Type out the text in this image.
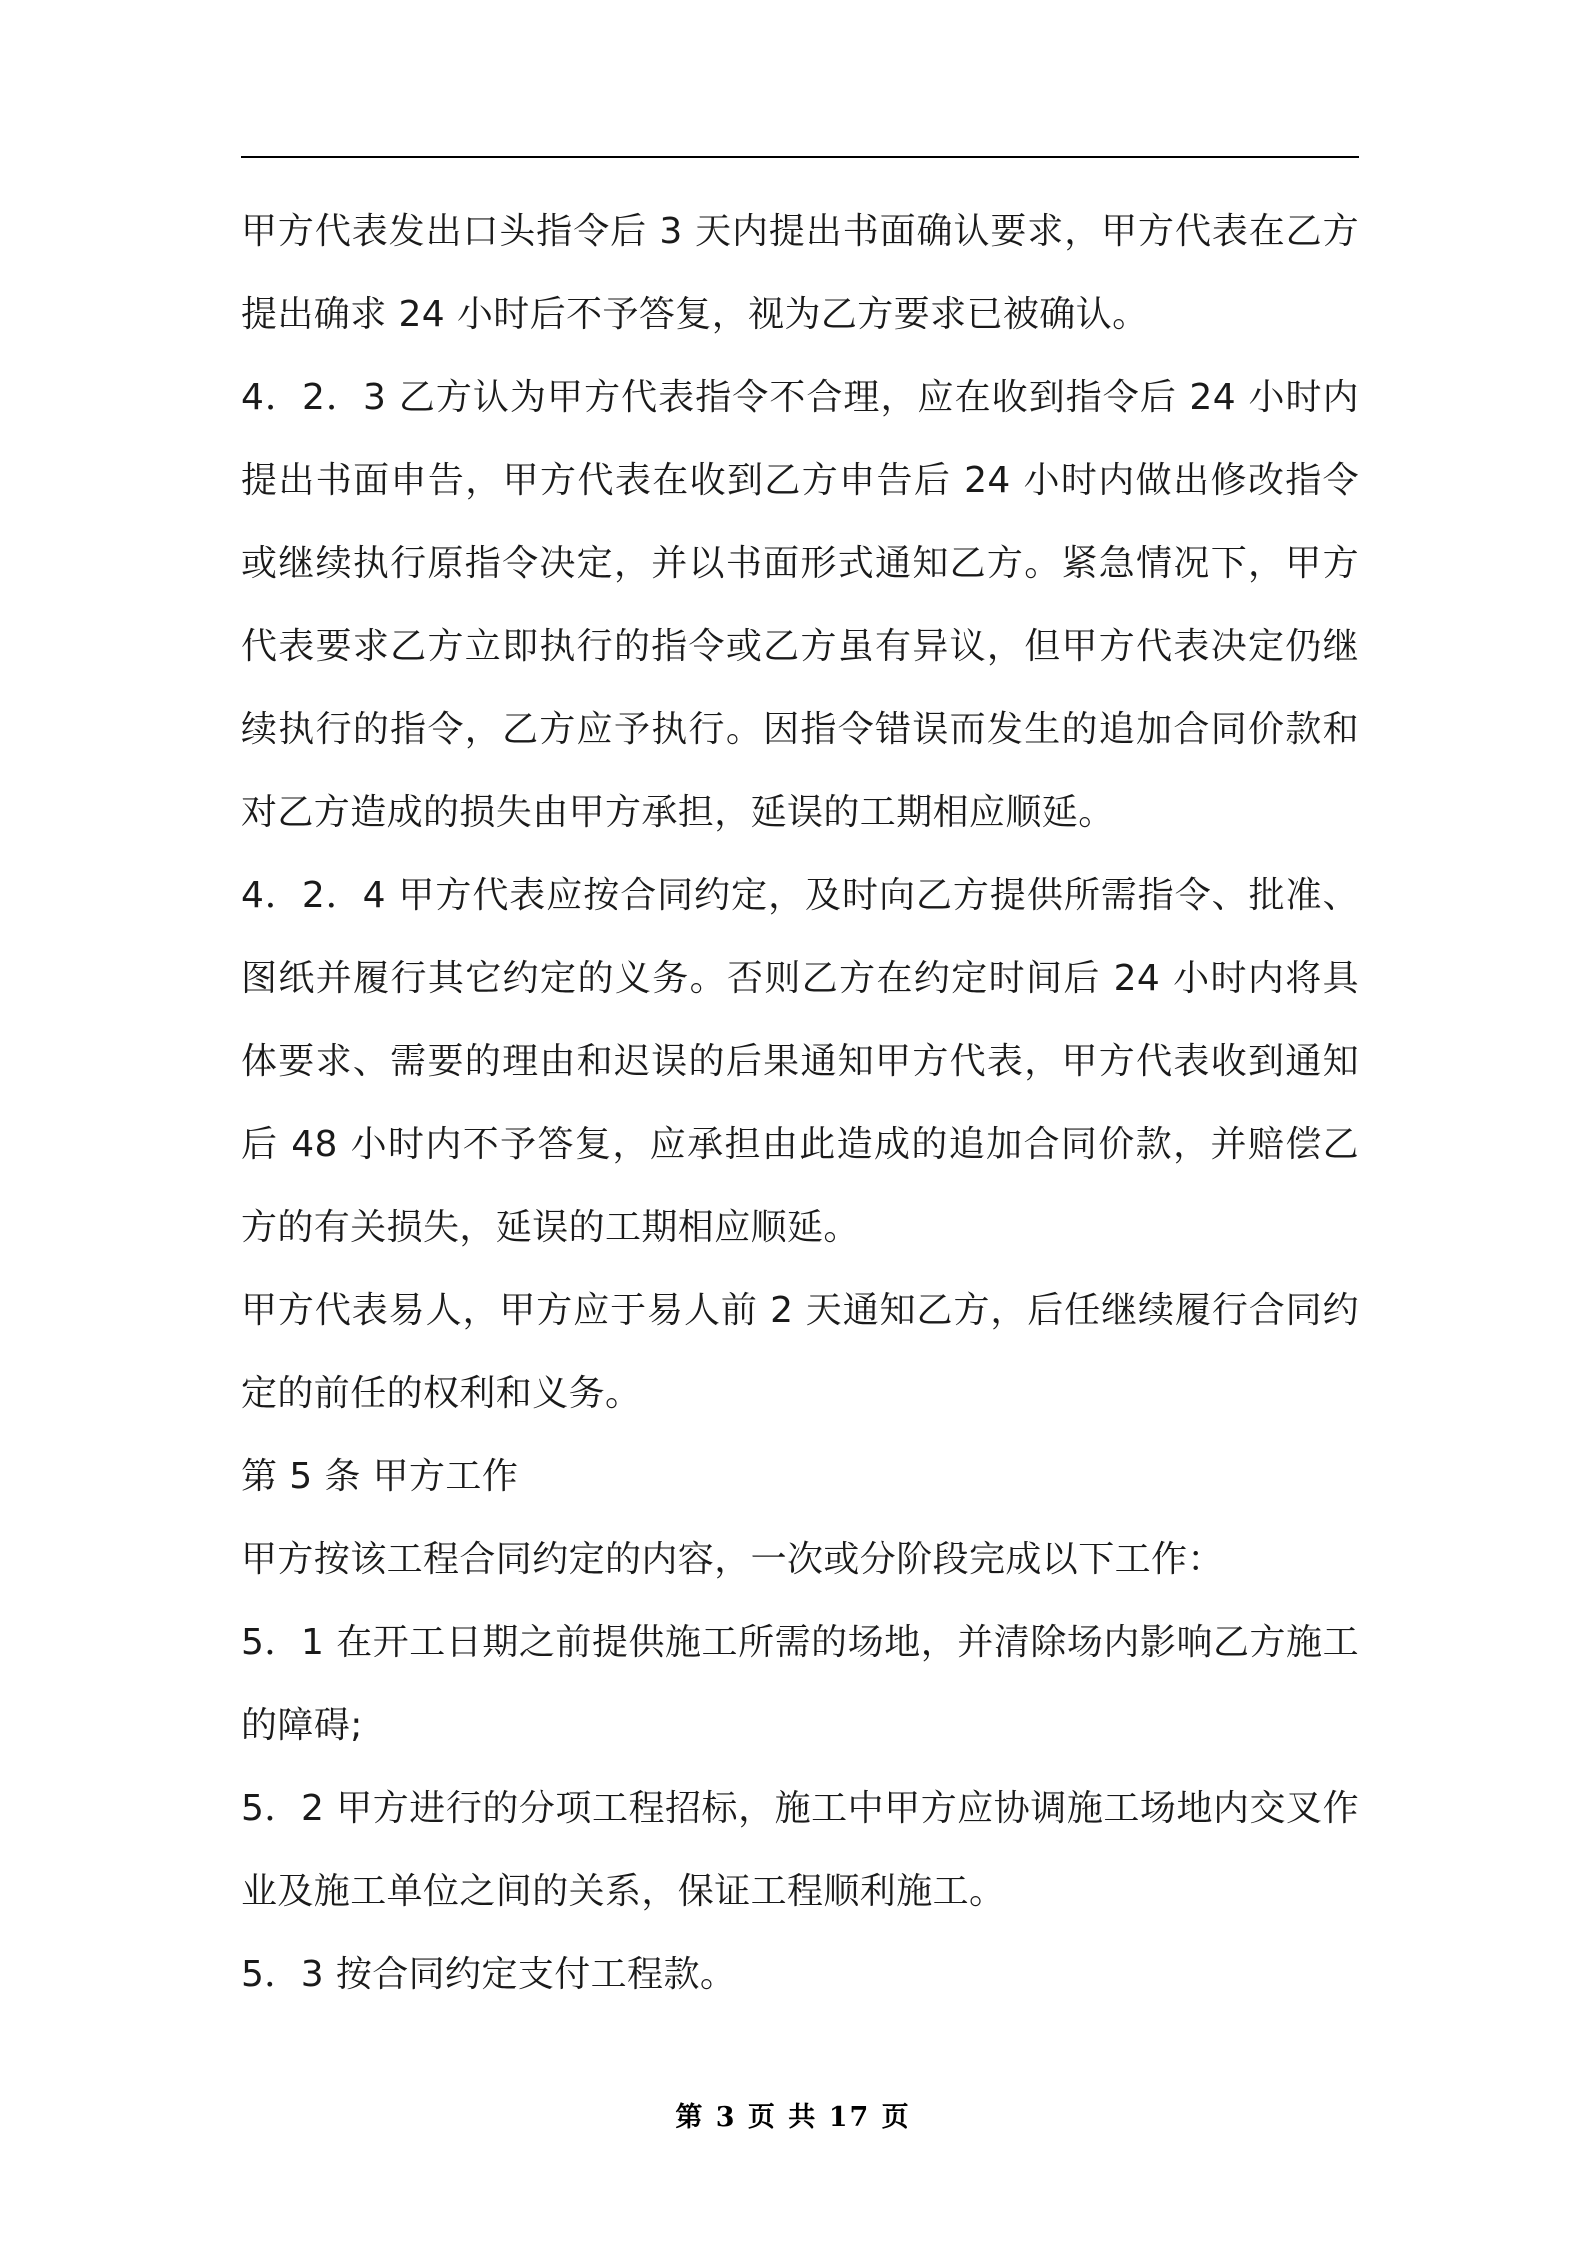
甲方代表发出口头指令后 3 天内提出书面确认要求，甲方代表在乙方提出确求 24 小时后不予答复，视为乙方要求已被确认。

4．2．3 乙方认为甲方代表指令不合理，应在收到指令后 24 小时内提出书面申告，甲方代表在收到乙方申告后 24 小时内做出修改指令或继续执行原指令决定，并以书面形式通知乙方。紧急情况下，甲方代表要求乙方立即执行的指令或乙方虽有异议，但甲方代表决定仍继续执行的指令，乙方应予执行。因指令错误而发生的追加合同价款和对乙方造成的损失由甲方承担，延误的工期相应顺延。

4．2．4 甲方代表应按合同约定，及时向乙方提供所需指令、批准、图纸并履行其它约定的义务。否则乙方在约定时间后 24 小时内将具体要求、需要的理由和迟误的后果通知甲方代表，甲方代表收到通知后 48 小时内不予答复，应承担由此造成的追加合同价款，并赔偿乙方的有关损失，延误的工期相应顺延。

甲方代表易人，甲方应于易人前 2 天通知乙方，后任继续履行合同约定的前任的权利和义务。

第 5 条 甲方工作

甲方按该工程合同约定的内容，一次或分阶段完成以下工作：

5．1 在开工日期之前提供施工所需的场地，并清除场内影响乙方施工的障碍;

5．2 甲方进行的分项工程招标，施工中甲方应协调施工场地内交叉作业及施工单位之间的关系，保证工程顺利施工。

5．3 按合同约定支付工程款。

第 3 页 共 17 页
